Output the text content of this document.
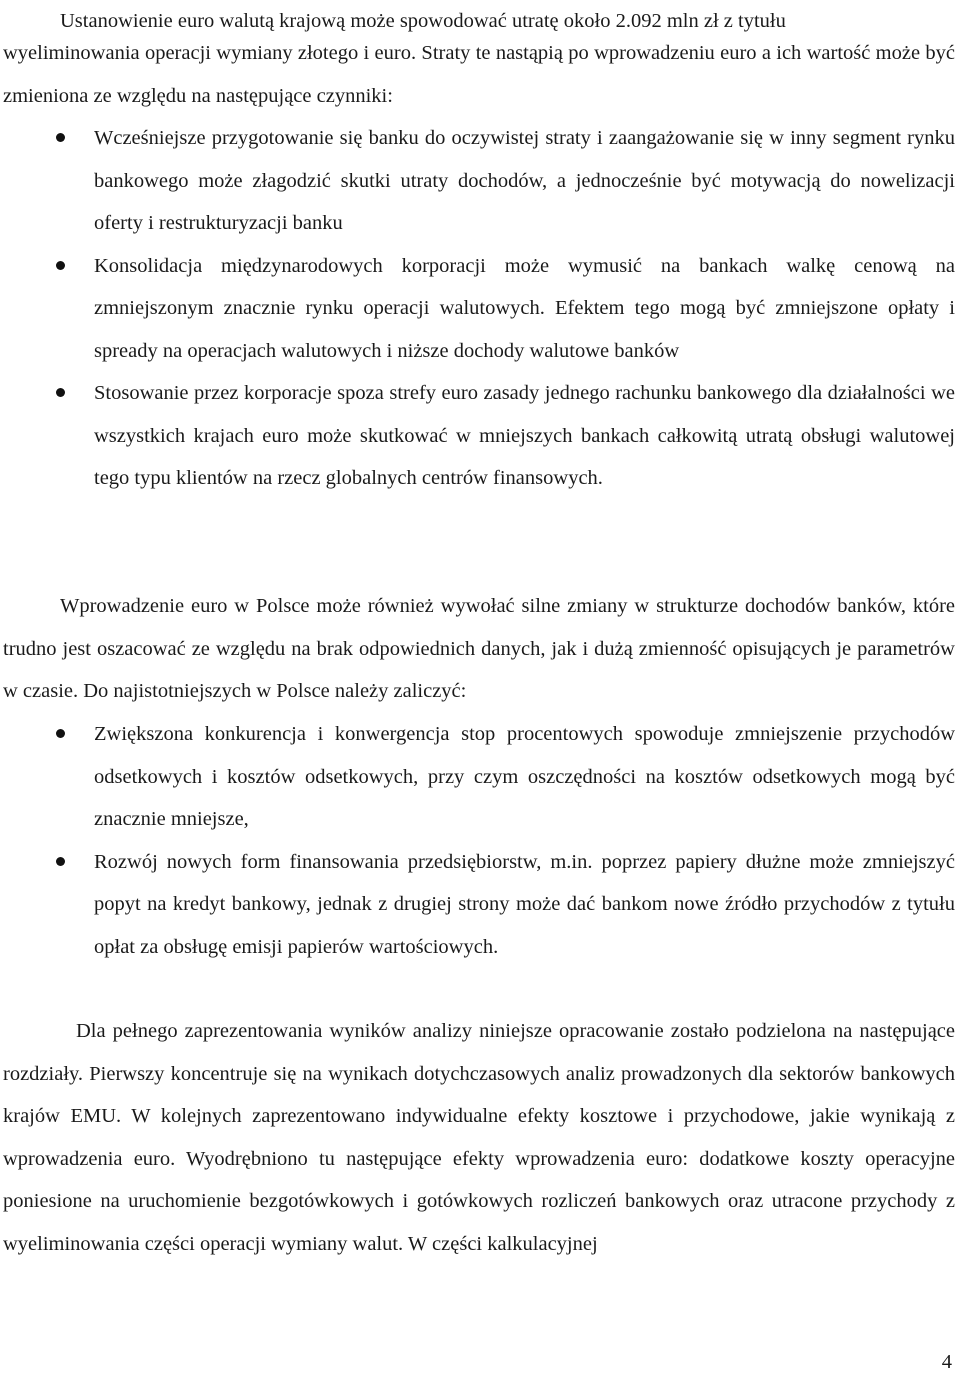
Ustanowienie euro walutą krajową może spowodować utratę około 2.092 mln zł z tytułu

wyeliminowania operacji wymiany złotego i euro. Straty te nastąpią po wprowadzeniu euro a ich wartość może być zmieniona ze względu na następujące czynniki:

Wcześniejsze przygotowanie się banku do oczywistej straty i zaangażowanie się w inny segment rynku bankowego może złagodzić skutki utraty dochodów, a jednocześnie być motywacją do nowelizacji oferty i restrukturyzacji banku
Konsolidacja międzynarodowych korporacji może wymusić na bankach walkę cenową na zmniejszonym znacznie rynku operacji walutowych. Efektem tego mogą być zmniejszone opłaty i spready na operacjach walutowych i niższe dochody walutowe banków
Stosowanie przez korporacje spoza strefy euro zasady jednego rachunku bankowego dla działalności we wszystkich krajach euro może skutkować w mniejszych bankach całkowitą utratą obsługi walutowej tego typu klientów na rzecz globalnych centrów finansowych.

Wprowadzenie euro w Polsce może również wywołać silne zmiany w strukturze dochodów banków, które trudno jest oszacować ze względu na brak odpowiednich danych, jak i dużą zmienność opisujących je parametrów w czasie. Do najistotniejszych w Polsce należy zaliczyć:

Zwiększona konkurencja i konwergencja stop procentowych spowoduje zmniejszenie przychodów odsetkowych i kosztów odsetkowych, przy czym oszczędności na kosztów odsetkowych mogą być znacznie mniejsze,
Rozwój nowych form finansowania przedsiębiorstw, m.in. poprzez papiery dłużne może zmniejszyć popyt na kredyt bankowy, jednak z drugiej strony może dać bankom nowe źródło przychodów z tytułu opłat za obsługę emisji papierów wartościowych.

Dla pełnego zaprezentowania wyników analizy niniejsze opracowanie zostało podzielona na następujące rozdziały. Pierwszy koncentruje się na wynikach dotychczasowych analiz prowadzonych dla sektorów bankowych krajów EMU. W kolejnych zaprezentowano indywidualne efekty kosztowe i przychodowe, jakie wynikają z wprowadzenia euro. Wyodrębniono tu następujące efekty wprowadzenia euro: dodatkowe koszty operacyjne poniesione na uruchomienie bezgotówkowych i gotówkowych rozliczeń bankowych oraz utracone przychody z wyeliminowania części operacji wymiany walut. W części kalkulacyjnej

4
